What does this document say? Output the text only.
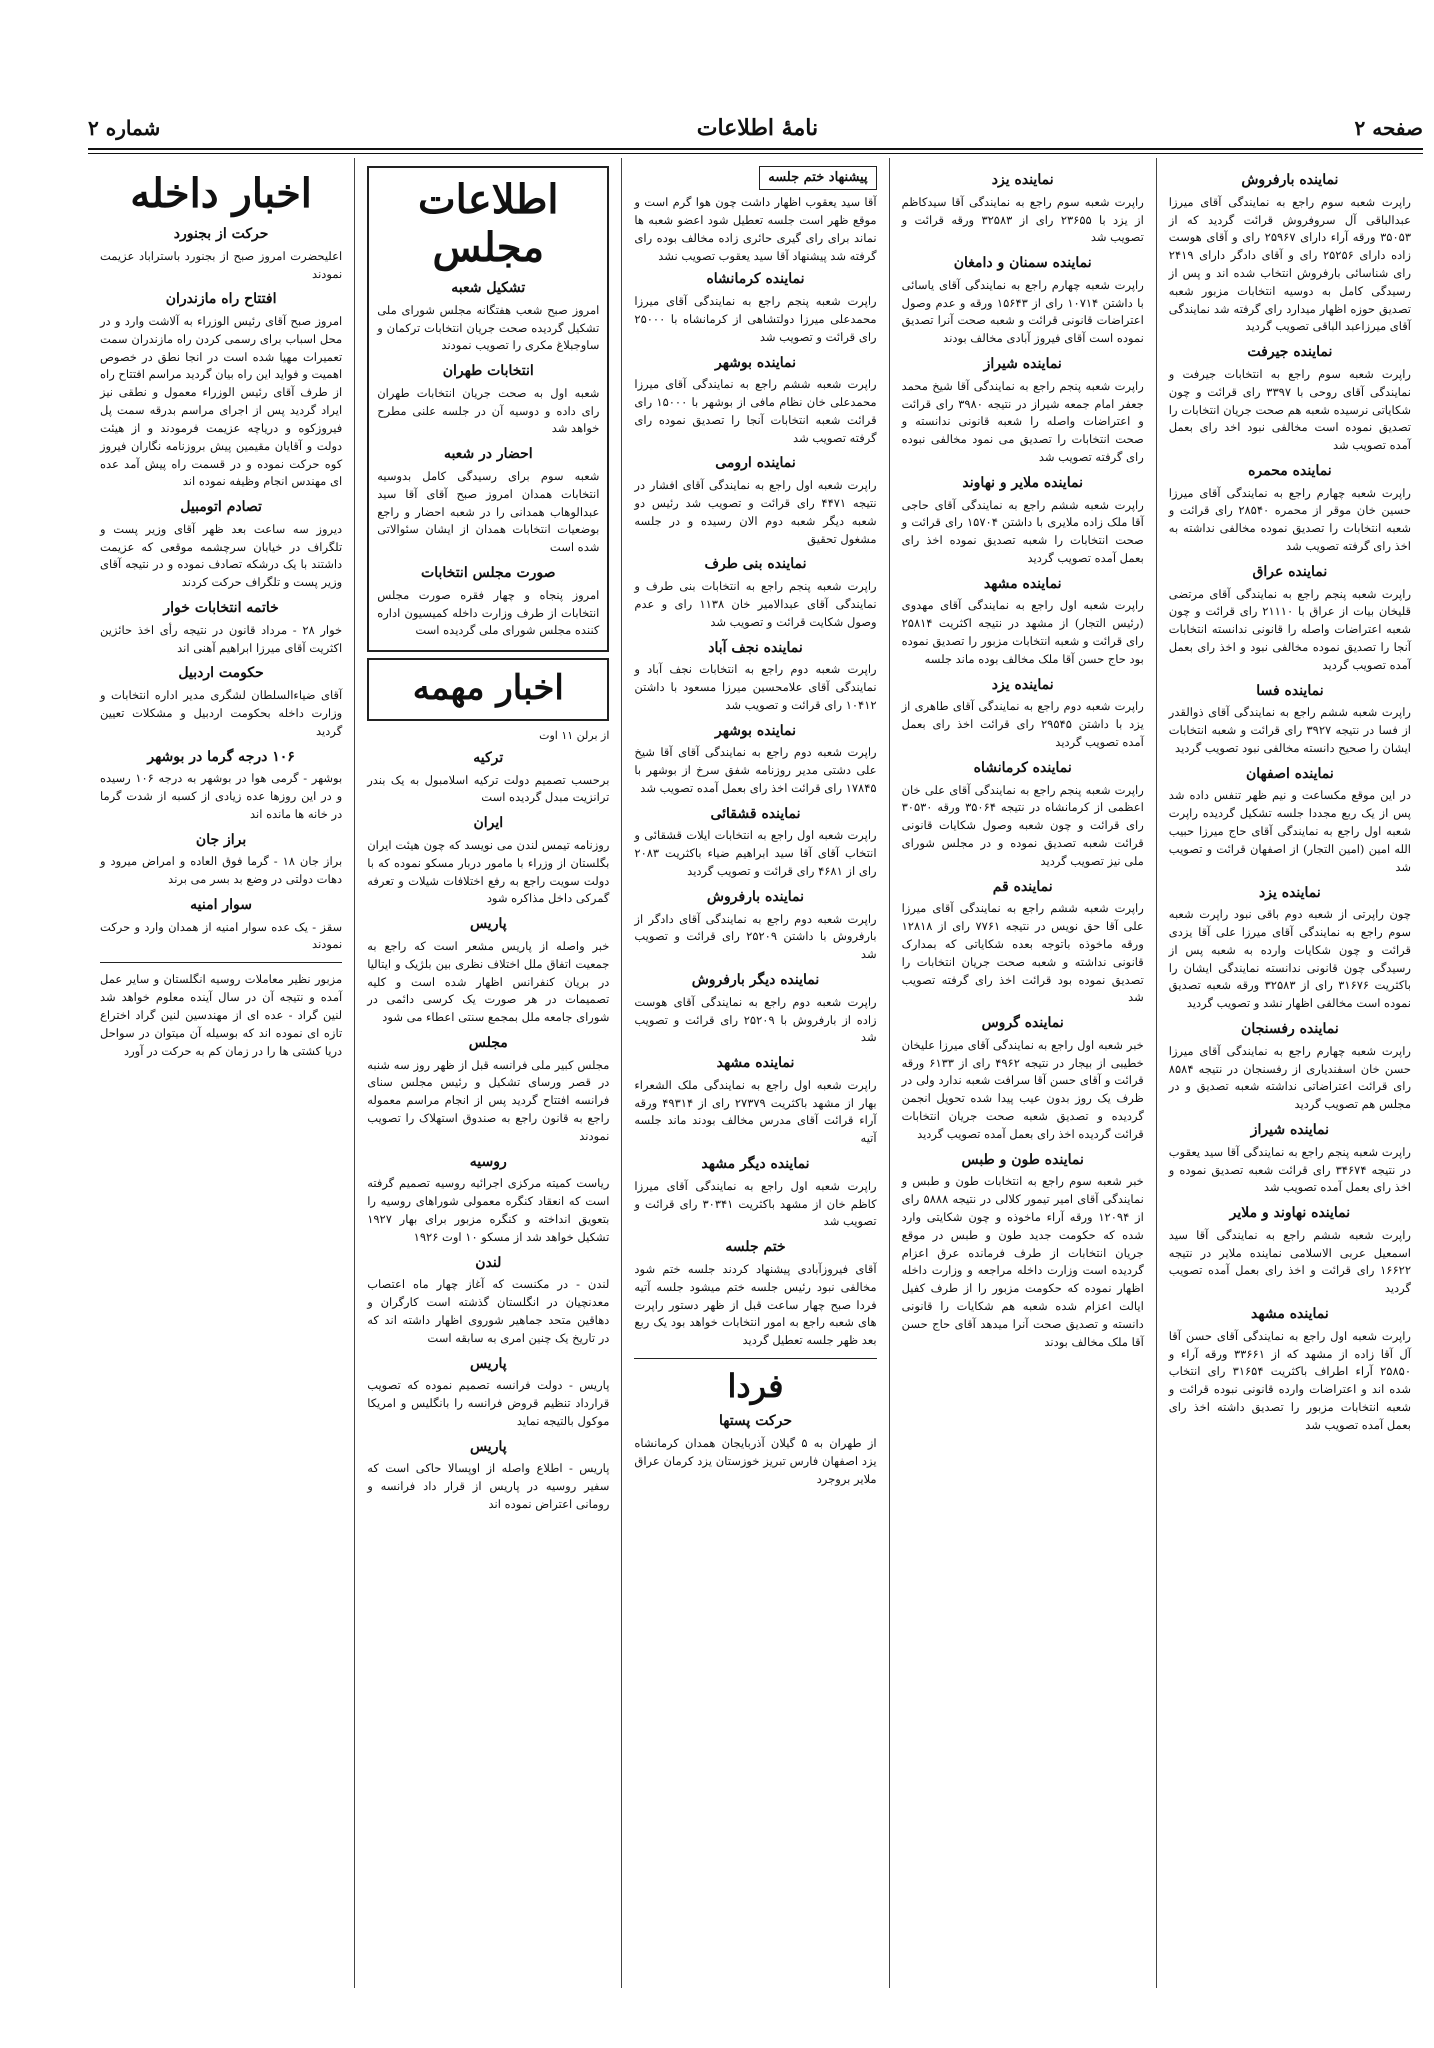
صفحه ۲
نامهٔ اطلاعات
شماره ۲
نماینده بارفروش
راپرت شعبه سوم راجع به نمایندگی آقای میرزا عبدالباقی آل سروفروش قرائت گردید که از ۳۵۰۵۳ ورقه آراء دارای ۲۵۹۶۷ رای و آقای هوست زاده دارای ۲۵۲۵۶ رای و آقای دادگر دارای ۲۴۱۹ رای شناسائی بارفروش انتخاب شده اند و پس از رسیدگی کامل به دوسیه انتخابات مزبور شعبه تصدیق حوزه اظهار میدارد رای گرفته شد نمایندگی آقای میرزاعبد الباقی تصویب گردید
نماینده جیرفت
راپرت شعبه سوم راجع به انتخابات جیرفت و نمایندگی آقای روحی با ۳۳۹۷ رای قرائت و چون شکایاتی نرسیده شعبه هم صحت جریان انتخابات را تصدیق نموده است مخالفی نبود اخد رای بعمل آمده تصویب شد
نماینده محمره
راپرت شعبه چهارم راجع به نمایندگی آقای میرزا حسین خان موقر از محمره ۲۸۵۴۰ رای قرائت و شعبه انتخابات را تصدیق نموده مخالفی نداشته به اخذ رای گرفته تصویب شد
نماینده عراق
راپرت شعبه پنجم راجع به نمایندگی آقای مرتضی قلیخان بیات از عراق با ۲۱۱۱۰ رای قرائت و چون شعبه اعتراضات واصله را قانونی ندانسته انتخابات آنجا را تصدیق نموده مخالفی نبود و اخذ رای بعمل آمده تصویب گردید
نماینده فسا
راپرت شعبه ششم راجع به نمایندگی آقای ذوالقدر از فسا در نتیجه ۳۹۲۷ رای قرائت و شعبه انتخابات ایشان را صحیح دانسته مخالفی نبود تصویب گردید
نماینده اصفهان
در این موقع مکساعت و نیم ظهر تنفس داده شد پس از یک ربع مجددا جلسه تشکیل گردیده راپرت شعبه اول راجع به نمایندگی آقای حاج میرزا حبیب الله امین (امین التجار) از اصفهان قرائت و تصویب شد
نماینده یزد
چون راپرتی از شعبه دوم باقی نبود راپرت شعبه سوم راجع به نمایندگی آقای میرزا علی آقا یزدی قرائت و چون شکایات وارده به شعبه پس از رسیدگی چون قانونی ندانسته نمایندگی ایشان را باکثریت ۳۱۶۷۶ رای از ۳۲۵۸۳ ورقه شعبه تصدیق نموده است مخالفی اظهار نشد و تصویب گردید
نماینده رفسنجان
راپرت شعبه چهارم راجع به نمایندگی آقای میرزا حسن خان اسفندیاری از رفسنجان در نتیجه ۸۵۸۴ رای قرائت اعتراضاتی نداشته شعبه تصدیق و در مجلس هم تصویب گردید
نماینده شیراز
راپرت شعبه پنجم راجع به نمایندگی آقا سید یعقوب در نتیجه ۳۴۶۷۴ رای قرائت شعبه تصدیق نموده و اخذ رای بعمل آمده تصویب شد
نماینده نهاوند و ملایر
راپرت شعبه ششم راجع به نمایندگی آقا سید اسمعیل عربی الاسلامی نماینده ملایر در نتیجه ۱۶۶۲۲ رای قرائت و اخذ رای بعمل آمده تصویب گردید
نماینده مشهد
راپرت شعبه اول راجع به نمایندگی آقای حسن آقا آل آقا زاده از مشهد که از ۳۳۶۶۱ ورقه آراء و ۲۵۸۵۰ آراء اطراف باکثریت ۳۱۶۵۴ رای انتخاب شده اند و اعتراضات وارده قانونی نبوده قرائت و شعبه انتخابات مزبور را تصدیق داشته اخذ رای بعمل آمده تصویب شد
نماینده یزد
راپرت شعبه سوم راجع به نمایندگی آقا سیدکاظم از یزد با ۲۳۶۵۵ رای از ۳۲۵۸۳ ورقه قرائت و تصویب شد
نماینده سمنان و دامغان
راپرت شعبه چهارم راجع به نمایندگی آقای یاسائی با داشتن ۱۰۷۱۴ رای از ۱۵۶۴۳ ورقه و عدم وصول اعتراضات قانونی قرائت و شعبه صحت آنرا تصدیق نموده است آقای فیروز آبادی مخالف بودند
نماینده شیراز
راپرت شعبه پنجم راجع به نمایندگی آقا شیخ محمد جعفر امام جمعه شیراز در نتیجه ۳۹۸۰ رای قرائت و اعتراضات واصله را شعبه قانونی ندانسته و صحت انتخابات را تصدیق می نمود مخالفی نبوده رای گرفته تصویب شد
نماینده ملایر و نهاوند
راپرت شعبه ششم راجع به نمایندگی آقای حاجی آقا ملک زاده ملایری با داشتن ۱۵۷۰۴ رای قرائت و صحت انتخابات را شعبه تصدیق نموده اخذ رای بعمل آمده تصویب گردید
نماینده مشهد
راپرت شعبه اول راجع به نمایندگی آقای مهدوی (رئیس التجار) از مشهد در نتیجه اکثریت ۲۵۸۱۴ رای قرائت و شعبه انتخابات مزبور را تصدیق نموده بود حاج حسن آقا ملک مخالف بوده ماند جلسه
نماینده یزد
راپرت شعبه دوم راجع به نمایندگی آقای طاهری از یزد با داشتن ۲۹۵۴۵ رای قرائت اخذ رای بعمل آمده تصویب گردید
نماینده کرمانشاه
راپرت شعبه پنجم راجع به نمایندگی آقای علی خان اعظمی از کرمانشاه در نتیجه ۳۵۰۶۴ ورقه ۳۰۵۳۰ رای قرائت و چون شعبه وصول شکایات قانونی قرائت شعبه تصدیق نموده و در مجلس شورای ملی نیز تصویب گردید
نماینده قم
راپرت شعبه ششم راجع به نمایندگی آقای میرزا علی آقا حق نویس در نتیجه ۷۷۶۱ رای از ۱۲۸۱۸ ورقه ماخوذه باتوجه بعده شکایاتی که بمدارک قانونی نداشته و شعبه صحت جریان انتخابات را تصدیق نموده بود قرائت اخذ رای گرفته تصویب شد
نماینده گروس
خبر شعبه اول راجع به نمایندگی آقای میرزا علیخان خطیبی از بیجار در نتیجه ۴۹۶۲ رای از ۶۱۳۳ ورقه قرائت و آقای حسن آقا سرافت شعبه ندارد ولی در ظرف یک روز بدون عیب پیدا شده تحویل انجمن گردیده و تصدیق شعبه صحت جریان انتخابات قرائت گردیده اخذ رای بعمل آمده تصویب گردید
نماینده طون و طبس
خبر شعبه سوم راجع به انتخابات طون و طبس و نمایندگی آقای امیر تیمور کلالی در نتیجه ۵۸۸۸ رای از ۱۲۰۹۴ ورقه آراء ماخوذه و چون شکایتی وارد شده که حکومت جدید طون و طبس در موقع جریان انتخابات از طرف فرمانده عرق اعزام گردیده است وزارت داخله مراجعه و وزارت داخله اظهار نموده که حکومت مزبور را از طرف کفیل ایالت اعزام شده شعبه هم شکایات را قانونی دانسته و تصدیق صحت آنرا میدهد آقای حاج حسن آقا ملک مخالف بودند
پیشنهاد ختم جلسه
آقا سید یعقوب اظهار داشت چون هوا گرم است و موقع ظهر است جلسه تعطیل شود اعضو شعبه ها نماند برای رای گیری حائری زاده مخالف بوده رای گرفته شد پیشنهاد آقا سید یعقوب تصویب نشد
نماینده کرمانشاه
راپرت شعبه پنجم راجع به نمایندگی آقای میرزا محمدعلی میرزا دولتشاهی از کرمانشاه با ۲۵۰۰۰ رای قرائت و تصویب شد
نماینده بوشهر
راپرت شعبه ششم راجع به نمایندگی آقای میرزا محمدعلی خان نظام مافی از بوشهر با ۱۵۰۰۰ رای قرائت شعبه انتخابات آنجا را تصدیق نموده رای گرفته تصویب شد
نماینده ارومی
راپرت شعبه اول راجع به نمایندگی آقای افشار در نتیجه ۴۴۷۱ رای قرائت و تصویب شد رئیس دو شعبه دیگر شعبه دوم الان رسیده و در جلسه مشغول تحقیق
نماینده بنی طرف
راپرت شعبه پنجم راجع به انتخابات بنی طرف و نمایندگی آقای عبدالامیر خان ۱۱۳۸ رای و عدم وصول شکایت قرائت و تصویب شد
نماینده نجف آباد
راپرت شعبه دوم راجع به انتخابات نجف آباد و نمایندگی آقای علامحسین میرزا مسعود با داشتن ۱۰۴۱۲ رای قرائت و تصویب شد
نماینده بوشهر
راپرت شعبه دوم راجع به نمایندگی آقای آقا شیخ علی دشتی مدیر روزنامه شفق سرخ از بوشهر با ۱۷۸۴۵ رای قرائت اخذ رای بعمل آمده تصویب شد
نماینده قشقائی
راپرت شعبه اول راجع به انتخابات ایلات قشقائی و انتخاب آقای آقا سید ابراهیم ضیاء باکثریت ۲۰۸۳ رای از ۴۶۸۱ رای قرائت و تصویب گردید
نماینده بارفروش
راپرت شعبه دوم راجع به نمایندگی آقای دادگر از بارفروش با داشتن ۲۵۲۰۹ رای قرائت و تصویب شد
نماینده دیگر بارفروش
راپرت شعبه دوم راجع به نمایندگی آقای هوست زاده از بارفروش با ۲۵۲۰۹ رای قرائت و تصویب شد
نماینده مشهد
راپرت شعبه اول راجع به نمایندگی ملک الشعراء بهار از مشهد باکثریت ۲۷۳۷۹ رای از ۴۹۳۱۴ ورقه آراء قرائت آقای مدرس مخالف بودند ماند جلسه آتیه
نماینده دیگر مشهد
راپرت شعبه اول راجع به نمایندگی آقای میرزا کاظم خان از مشهد باکثریت ۳۰۳۴۱ رای قرائت و تصویب شد
ختم جلسه
آقای فیروزآبادی پیشنهاد کردند جلسه ختم شود مخالفی نبود رئیس جلسه ختم میشود جلسه آتیه فردا صبح چهار ساعت قبل از ظهر دستور راپرت های شعبه راجع به امور انتخابات خواهد بود یک ربع بعد ظهر جلسه تعطیل گردید
فردا
حرکت پستها
از طهران به ۵ گیلان آذربایجان همدان کرمانشاه یزد اصفهان فارس تبریز خوزستان یزد کرمان عراق ملایر بروجرد
اطلاعات مجلس
تشکیل شعبه
امروز صبح شعب هفتگانه مجلس شورای ملی تشکیل گردیده صحت جریان انتخابات ترکمان و ساوجبلاغ مکری را تصویب نمودند
انتخابات طهران
شعبه اول به صحت جریان انتخابات طهران رای داده و دوسیه آن در جلسه علنی مطرح خواهد شد
احضار در شعبه
شعبه سوم برای رسیدگی کامل بدوسیه انتخابات همدان امروز صبح آقای آقا سید عبدالوهاب همدانی را در شعبه احضار و راجع بوضعیات انتخابات همدان از ایشان سئوالاتی شده است
صورت مجلس انتخابات
امروز پنجاه و چهار فقره صورت مجلس انتخابات از طرف وزارت داخله کمیسیون اداره کننده مجلس شورای ملی گردیده است
اخبار مهمه
از برلن ۱۱ اوت
ترکیه
برحسب تصمیم دولت ترکیه اسلامبول به یک بندر ترانزیت مبدل گردیده است
ایران
روزنامه تیمس لندن می نویسد که چون هیئت ایران بگلستان از وزراء با مامور دربار مسکو نموده که با دولت سویت راجع به رفع اختلافات شیلات و تعرفه گمرکی داخل مذاکره شود
پاریس
خبر واصله از پاریس مشعر است که راجع به جمعیت اتفاق ملل اختلاف نظری بین بلژیک و ایتالیا در بریان کنفرانس اظهار شده است و کلیه تصمیمات در هر صورت یک کرسی دائمی در شورای جامعه ملل بمجمع سنتی اعطاء می شود
مجلس
مجلس کبیر ملی فرانسه قبل از ظهر روز سه شنبه در قصر ورسای تشکیل و رئیس مجلس سنای فرانسه افتتاح گردید پس از انجام مراسم معموله راجع به قانون راجع به صندوق استهلاک را تصویب نمودند
روسیه
ریاست کمیته مرکزی اجرائیه روسیه تصمیم گرفته است که انعقاد کنگره معمولی شوراهای روسیه را بتعویق انداخته و کنگره مزبور برای بهار ۱۹۲۷ تشکیل خواهد شد از مسکو ۱۰ اوت ۱۹۲۶
لندن
لندن - در مکنست که آغاز چهار ماه اعتصاب معدنچیان در انگلستان گذشته است کارگران و دهاقین متحد جماهیر شوروی اظهار داشته اند که در تاریخ یک چنین امری به سابقه است
پاریس
پاریس - دولت فرانسه تصمیم نموده که تصویب قرارداد تنظیم قروض فرانسه را بانگلیس و امریکا موکول بالتیجه نماید
پاریس
پاریس - اطلاع واصله از اوپسالا حاکی است که سفیر روسیه در پاریس از قرار داد فرانسه و رومانی اعتراض نموده اند
اخبار داخله
حرکت از بجنورد
اعلیحضرت امروز صبح از بجنورد باستراباد عزیمت نمودند
افتتاح راه مازندران
امروز صبح آقای رئیس الوزراء به آلاشت وارد و در محل اسباب برای رسمی کردن راه مازندران سمت تعمیرات مهیا شده است در انجا نطق در خصوص اهمیت و فواید این راه بیان گردید مراسم افتتاح راه از طرف آقای رئیس الوزراء معمول و نطقی نیز ایراد گردید پس از اجرای مراسم بدرقه سمت پل فیروزکوه و دریاچه عزیمت فرمودند و از هیئت دولت و آقایان مقیمین پیش بروزنامه نگاران فیروز کوه حرکت نموده و در قسمت راه پیش آمد عده ای مهندس انجام وظیفه نموده اند
تصادم اتومبیل
دیروز سه ساعت بعد ظهر آقای وزیر پست و تلگراف در خیابان سرچشمه موقعی که عزیمت داشتند با یک درشکه تصادف نموده و در نتیجه آقای وزیر پست و تلگراف حرکت کردند
خاتمه انتخابات خوار
خوار ۲۸ - مرداد قانون در نتیجه رأی اخذ حائزین اکثریت آقای میرزا ابراهیم آهنی اند
حکومت اردبیل
آقای ضیاءالسلطان لشگری مدیر اداره انتخابات و وزارت داخله بحکومت اردبیل و مشکلات تعیین گردید
۱۰۶ درجه گرما در بوشهر
بوشهر - گرمی هوا در بوشهر به درجه ۱۰۶ رسیده و در این روزها عده زیادی از کسبه از شدت گرما در خانه ها مانده اند
براز جان
براز جان ۱۸ - گرما فوق العاده و امراض میرود و دهات دولتی در وضع بد بسر می برند
سوار امنیه
سقز - یک عده سوار امنیه از همدان وارد و حرکت نمودند
مزبور نظیر معاملات روسیه انگلستان و سایر عمل آمده و نتیجه آن در سال آینده معلوم خواهد شد لنین گراد - عده ای از مهندسین لنین گراد اختراع تازه ای نموده اند که بوسیله آن میتوان در سواحل دریا کشتی ها را در زمان کم به حرکت در آورد
